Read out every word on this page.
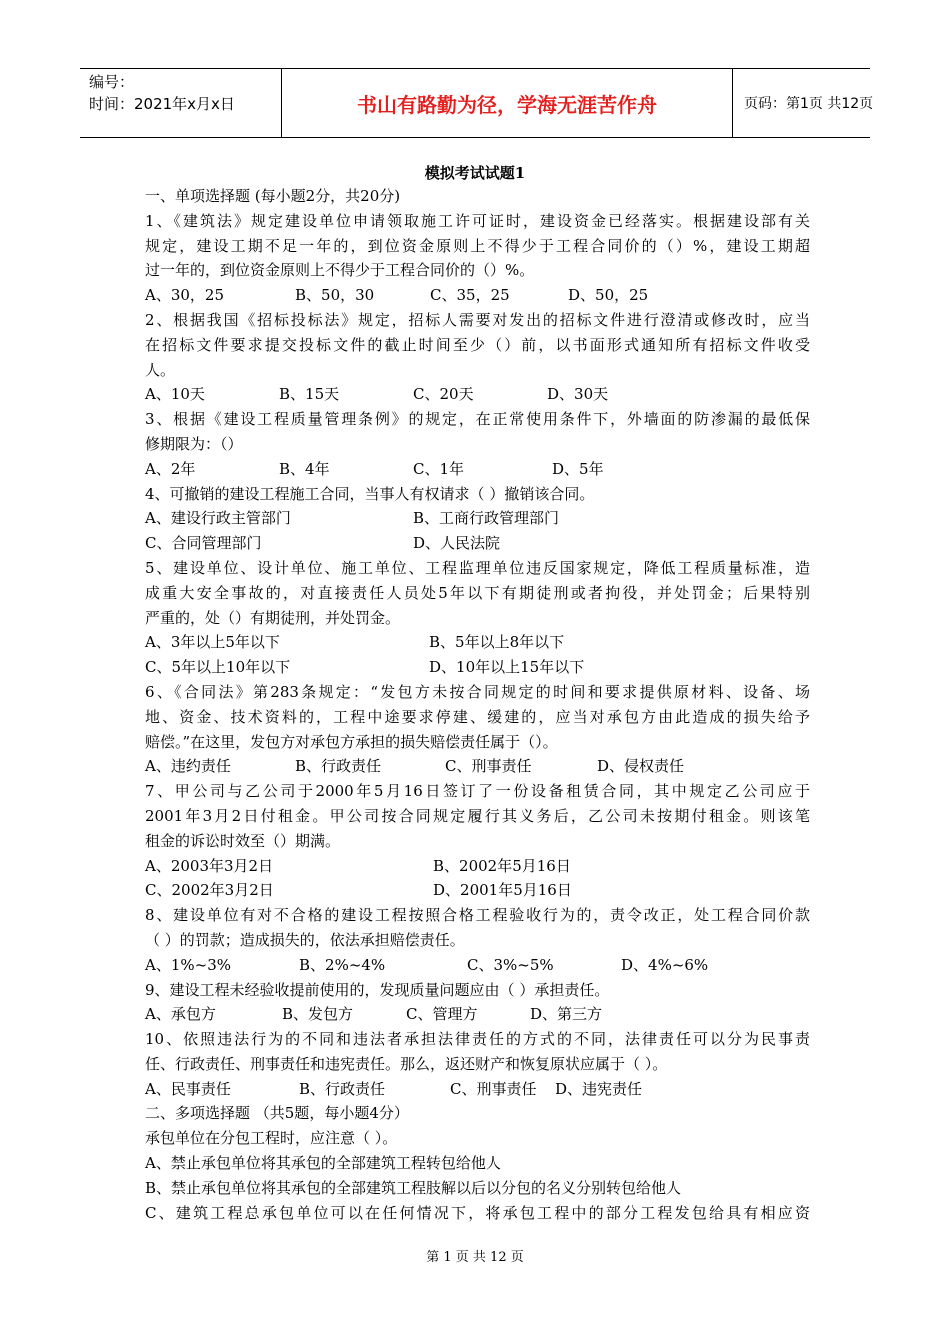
编号：
时间：2021年x月x日	书山有路勤为径，学海无涯苦作舟	页码：第1页 共12页
模拟考试试题1
一、单项选择题 (每小题2分，共20分)
1、《建筑法》规定建设单位申请领取施工许可证时，建设资金已经落实。根据建设部有关
规定，建设工期不足一年的，到位资金原则上不得少于工程合同价的（）%，建设工期超
过一年的，到位资金原则上不得少于工程合同价的（）%。
A、30，25	B、50，30	C、35，25	D、50，25
2、根据我国《招标投标法》规定，招标人需要对发出的招标文件进行澄清或修改时，应当
在招标文件要求提交投标文件的截止时间至少（）前，以书面形式通知所有招标文件收受
人。
A、10天	B、15天	C、20天	D、30天
3、根据《建设工程质量管理条例》的规定，在正常使用条件下，外墙面的防渗漏的最低保
修期限为：（）
A、2年	B、4年	C、1年	D、5年
4、可撤销的建设工程施工合同，当事人有权请求（ ）撤销该合同。
A、建设行政主管部门	B、工商行政管理部门
C、合同管理部门	D、人民法院
5、建设单位、设计单位、施工单位、工程监理单位违反国家规定，降低工程质量标准，造
成重大安全事故的，对直接责任人员处5年以下有期徒刑或者拘役，并处罚金；后果特别
严重的，处（）有期徒刑，并处罚金。
A、3年以上5年以下	B、5年以上8年以下
C、5年以上10年以下	D、10年以上15年以下
6、《合同法》第283条规定：“发包方未按合同规定的时间和要求提供原材料、设备、场
地、资金、技术资料的，工程中途要求停建、缓建的，应当对承包方由此造成的损失给予
赔偿。”在这里，发包方对承包方承担的损失赔偿责任属于（）。
A、违约责任	B、行政责任	C、刑事责任	D、侵权责任
7、甲公司与乙公司于2000年5月16日签订了一份设备租赁合同，其中规定乙公司应于
2001年3月2日付租金。甲公司按合同规定履行其义务后，乙公司未按期付租金。则该笔
租金的诉讼时效至（）期满。
A、2003年3月2日	B、2002年5月16日
C、2002年3月2日	D、2001年5月16日
8、建设单位有对不合格的建设工程按照合格工程验收行为的，责令改正，处工程合同价款
（ ）的罚款；造成损失的，依法承担赔偿责任。
A、1%~3%	B、2%~4%	C、3%~5%	D、4%~6%
9、建设工程未经验收提前使用的，发现质量问题应由（ ）承担责任。
A、承包方	B、发包方	C、管理方	D、第三方
10、依照违法行为的不同和违法者承担法律责任的方式的不同，法律责任可以分为民事责
任、行政责任、刑事责任和违宪责任。那么，返还财产和恢复原状应属于（ ）。
A、民事责任	B、行政责任	C、刑事责任	D、违宪责任
二、多项选择题 （共5题，每小题4分）
承包单位在分包工程时，应注意（ ）。
A、禁止承包单位将其承包的全部建筑工程转包给他人
B、禁止承包单位将其承包的全部建筑工程肢解以后以分包的名义分别转包给他人
C、建筑工程总承包单位可以在任何情况下，将承包工程中的部分工程发包给具有相应资
第 1 页 共 12 页
